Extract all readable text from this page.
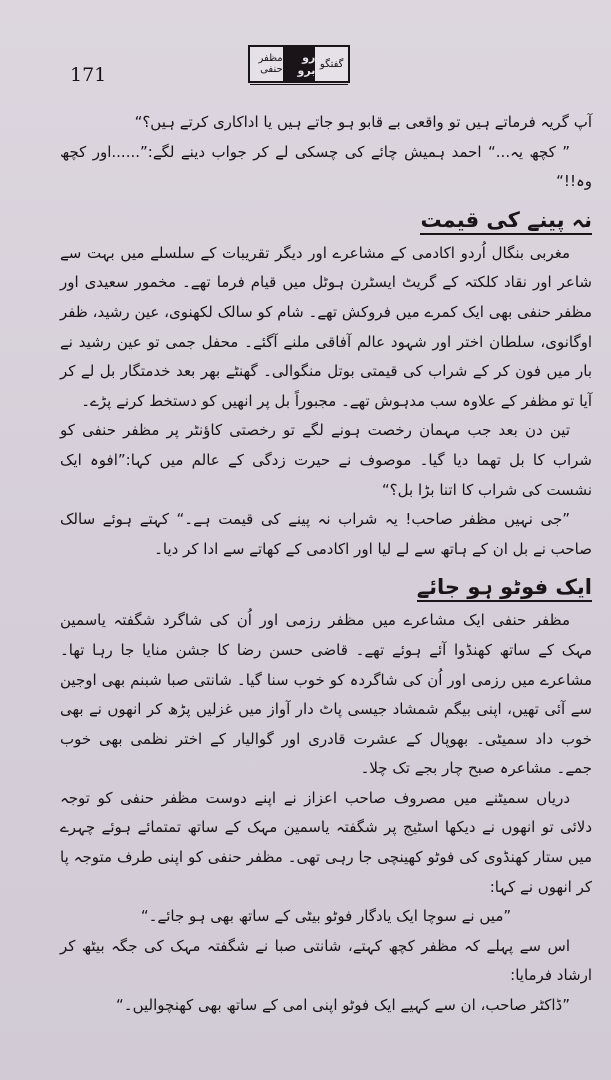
171	گفتگو
رو برو
مظفر حنفی

آپ گریہ فرماتے ہیں تو واقعی بے قابو ہو جاتے ہیں یا اداکاری کرتے ہیں؟“

” کچھ یہ...“ احمد ہمیش چائے کی چسکی لے کر جواب دینے لگے:”......اور کچھ وہ!!“

نہ پینے کی قیمت

مغربی بنگال اُردو اکادمی کے مشاعرے اور دیگر تقریبات کے سلسلے میں بہت سے شاعر اور نقاد کلکتہ کے گریٹ ایسٹرن ہوٹل میں قیام فرما تھے۔ مخمور سعیدی اور مظفر حنفی بھی ایک کمرے میں فروکش تھے۔ شام کو سالک لکھنوی، عین رشید، ظفر اوگانوی، سلطان اختر اور شہود عالم آفاقی ملنے آگئے۔ محفل جمی تو عین رشید نے بار میں فون کر کے شراب کی قیمتی بوتل منگوالی۔ گھنٹے بھر بعد خدمتگار بل لے کر آیا تو مظفر کے علاوہ سب مدہوش تھے۔ مجبوراً بل پر انھیں کو دستخط کرنے پڑے۔

تین دن بعد جب مہمان رخصت ہونے لگے تو رخصتی کاؤنٹر پر مظفر حنفی کو شراب کا بل تھما دیا گیا۔ موصوف نے حیرت زدگی کے عالم میں کہا:”افوہ ایک نشست کی شراب کا اتنا بڑا بل؟“

”جی نہیں مظفر صاحب! یہ شراب نہ پینے کی قیمت ہے۔“ کہتے ہوئے سالک صاحب نے بل ان کے ہاتھ سے لے لیا اور اکادمی کے کھاتے سے ادا کر دیا۔

ایک فوٹو ہو جائے

مظفر حنفی ایک مشاعرے میں مظفر رزمی اور اُن کی شاگرد شگفتہ یاسمین مہک کے ساتھ کھنڈوا آئے ہوئے تھے۔ قاضی حسن رضا کا جشن منایا جا رہا تھا۔ مشاعرے میں رزمی اور اُن کی شاگردہ کو خوب سنا گیا۔ شانتی صبا شبنم بھی اوجین سے آئی تھیں، اپنی بیگم شمشاد جیسی پاٹ دار آواز میں غزلیں پڑھ کر انھوں نے بھی خوب داد سمیٹی۔ بھوپال کے عشرت قادری اور گوالیار کے اختر نظمی بھی خوب جمے۔ مشاعرہ صبح چار بجے تک چلا۔

دریاں سمیٹنے میں مصروف صاحب اعزاز نے اپنے دوست مظفر حنفی کو توجہ دلائی تو انھوں نے دیکھا اسٹیج پر شگفتہ یاسمین مہک کے ساتھ تمتمائے ہوئے چہرے میں ستار کھنڈوی کی فوٹو کھینچی جا رہی تھی۔ مظفر حنفی کو اپنی طرف متوجہ پا کر انھوں نے کہا:

”میں نے سوچا ایک یادگار فوٹو بیٹی کے ساتھ بھی ہو جائے۔“

اس سے پہلے کہ مظفر کچھ کہتے، شانتی صبا نے شگفتہ مہک کی جگہ بیٹھ کر ارشاد فرمایا:

”ڈاکٹر صاحب، ان سے کہیے ایک فوٹو اپنی امی کے ساتھ بھی کھنچوالیں۔“
